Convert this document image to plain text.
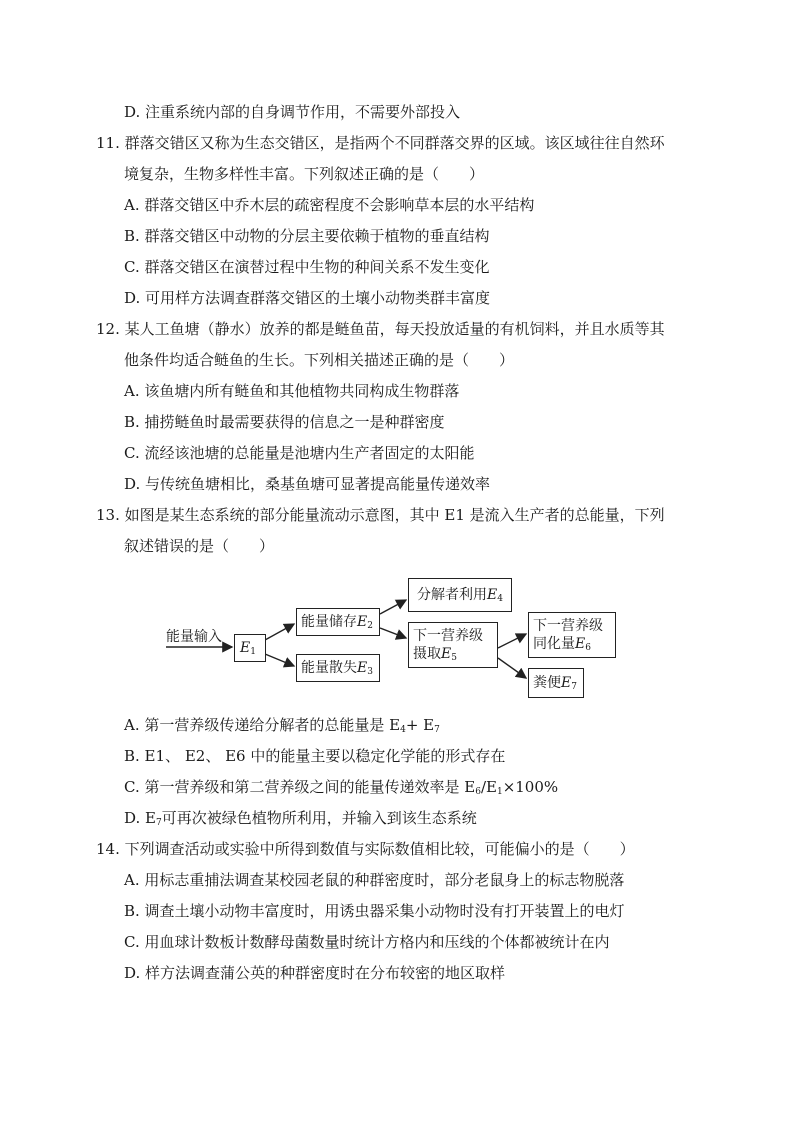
D. 注重系统内部的自身调节作用，不需要外部投入
11. 群落交错区又称为生态交错区，是指两个不同群落交界的区域。该区域往往自然环
境复杂，生物多样性丰富。下列叙述正确的是（　　）
A. 群落交错区中乔木层的疏密程度不会影响草本层的水平结构
B. 群落交错区中动物的分层主要依赖于植物的垂直结构
C. 群落交错区在演替过程中生物的种间关系不发生变化
D. 可用样方法调查群落交错区的土壤小动物类群丰富度
12. 某人工鱼塘（静水）放养的都是鲢鱼苗，每天投放适量的有机饲料，并且水质等其
他条件均适合鲢鱼的生长。下列相关描述正确的是（　　）
A. 该鱼塘内所有鲢鱼和其他植物共同构成生物群落
B. 捕捞鲢鱼时最需要获得的信息之一是种群密度
C. 流经该池塘的总能量是池塘内生产者固定的太阳能
D. 与传统鱼塘相比，桑基鱼塘可显著提高能量传递效率
13. 如图是某生态系统的部分能量流动示意图，其中 E1 是流入生产者的总能量，下列
叙述错误的是（　　）
能量输入
$E_1$
能量储存$E_2$
能量散失$E_3$
分解者利用$E_4$
下一营养级
摄取$E_5$
下一营养级
同化量$E_6$
粪便$E_7$
A. 第一营养级传递给分解者的总能量是 $E_4+ E_7$
B. E1、 E2、 E6 中的能量主要以稳定化学能的形式存在
C. 第一营养级和第二营养级之间的能量传递效率是 $E_6/E_1\times 100\%$
D. $E_7$可再次被绿色植物所利用，并输入到该生态系统
14. 下列调查活动或实验中所得到数值与实际数值相比较，可能偏小的是（　　）
A. 用标志重捕法调查某校园老鼠的种群密度时，部分老鼠身上的标志物脱落
B. 调查土壤小动物丰富度时，用诱虫器采集小动物时没有打开装置上的电灯
C. 用血球计数板计数酵母菌数量时统计方格内和压线的个体都被统计在内
D. 样方法调查蒲公英的种群密度时在分布较密的地区取样
